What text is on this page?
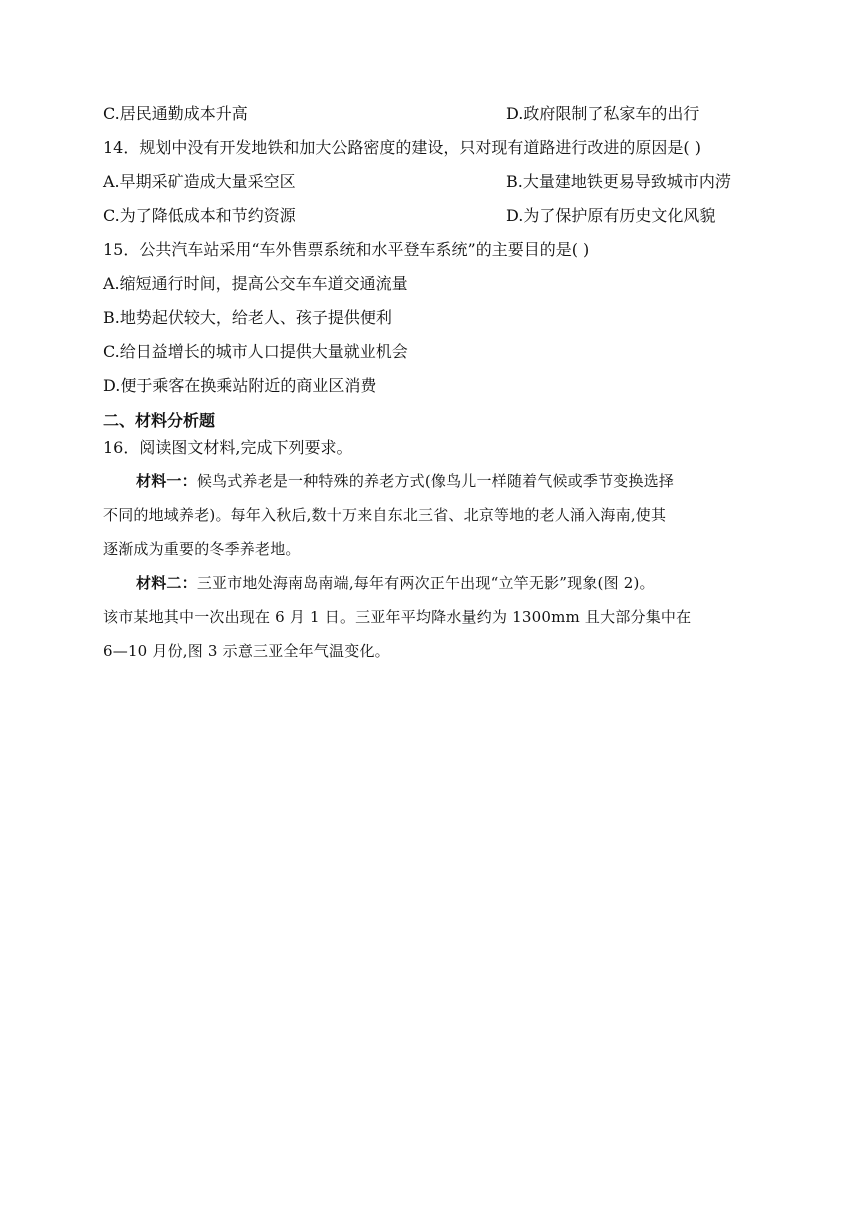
C.居民通勤成本升高	D.政府限制了私家车的出行
14．规划中没有开发地铁和加大公路密度的建设，只对现有道路进行改进的原因是( )
A.早期采矿造成大量采空区	B.大量建地铁更易导致城市内涝
C.为了降低成本和节约资源	D.为了保护原有历史文化风貌
15．公共汽车站采用“车外售票系统和水平登车系统”的主要目的是( )
A.缩短通行时间，提高公交车车道交通流量
B.地势起伏较大，给老人、孩子提供便利
C.给日益增长的城市人口提供大量就业机会
D.便于乘客在换乘站附近的商业区消费
二、材料分析题
16．阅读图文材料,完成下列要求。
材料一：候鸟式养老是一种特殊的养老方式(像鸟儿一样随着气候或季节变换选择
不同的地域养老)。每年入秋后,数十万来自东北三省、北京等地的老人涌入海南,使其
逐渐成为重要的冬季养老地。
材料二：三亚市地处海南岛南端,每年有两次正午出现“立竿无影”现象(图 2)。
该市某地其中一次出现在 6 月 1 日。三亚年平均降水量约为 1300mm 且大部分集中在
6—10 月份,图 3 示意三亚全年气温变化。
